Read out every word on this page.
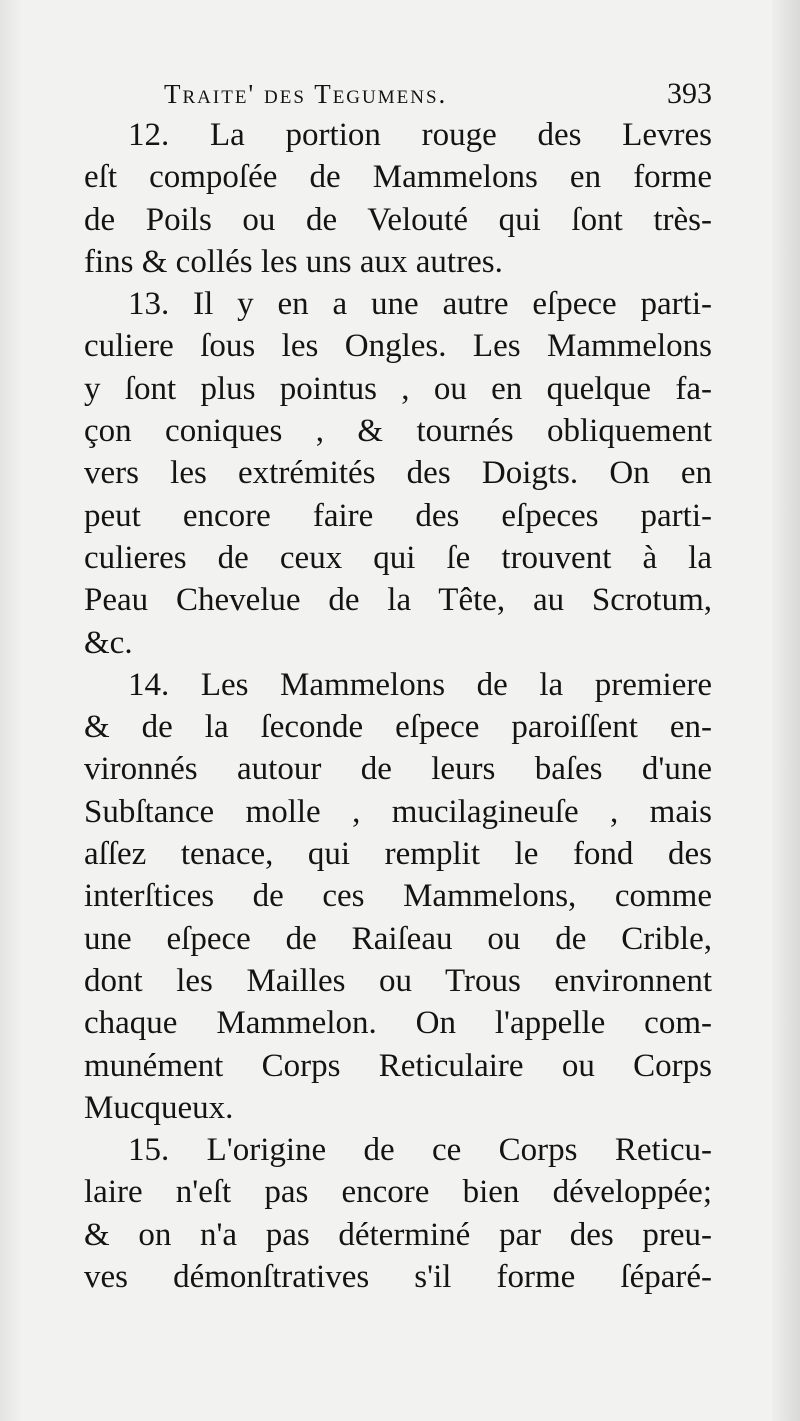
Traite' des Tegumens.	393
12. La portion rouge des Levres
eſt compoſée de Mammelons en forme
de Poils ou de Velouté qui ſont très-
fins & collés les uns aux autres.
13. Il y en a une autre eſpece parti-
culiere ſous les Ongles. Les Mammelons
y ſont plus pointus , ou en quelque fa-
çon coniques , & tournés obliquement
vers les extrémités des Doigts. On en
peut encore faire des eſpeces parti-
culieres de ceux qui ſe trouvent à la
Peau Chevelue de la Tête, au Scrotum,
&c.
14. Les Mammelons de la premiere
& de la ſeconde eſpece paroiſſent en-
vironnés autour de leurs baſes d'une
Subſtance molle , mucilagineuſe , mais
aſſez tenace, qui remplit le fond des
interſtices de ces Mammelons, comme
une eſpece de Raiſeau ou de Crible,
dont les Mailles ou Trous environnent
chaque Mammelon. On l'appelle com-
munément Corps Reticulaire ou Corps
Mucqueux.
15. L'origine de ce Corps Reticu-
laire n'eſt pas encore bien développée;
& on n'a pas déterminé par des preu-
ves démonſtratives s'il forme ſéparé-
